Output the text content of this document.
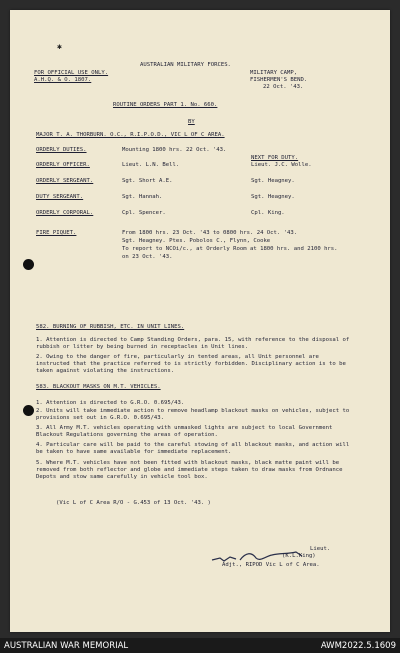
✱
AUSTRALIAN MILITARY FORCES.
FOR OFFICIAL USE ONLY.
A.H.Q. & O. 1807.
MILITARY CAMP,
FISHERMEN'S BEND.
22 Oct. '43.
ROUTINE ORDERS PART 1. No. 660.
BY
MAJOR T. A. THORBURN. O.C., R.I.P.O.D., VIC L OF C AREA.
ORDERLY DUTIES.	Mounting 1800 hrs. 22 Oct. '43.
NEXT FOR DUTY.
ORDERLY OFFICER.	Lieut. L.N. Bell.	Lieut. J.C. Wolle.
ORDERLY SERGEANT.	Sgt. Short A.E.	Sgt. Heagney.
DUTY SERGEANT.	Sgt. Hannah.	Sgt. Heagney.
ORDERLY CORPORAL.	Cpl. Spencer.	Cpl. King.
FIRE PIQUET.	From 1800 hrs. 23 Oct. '43 to 0800 hrs. 24 Oct. '43.
Sgt. Heagney. Ptes. Pobolos C., Flynn, Cooke
To report to NCOi/c., at Orderly Room at 1800 hrs. and 2100 hrs.
on 23 Oct. '43.
582. BURNING OF RUBBISH, ETC. IN UNIT LINES.
1. Attention is directed to Camp Standing Orders, para. 15, with reference to the disposal of rubbish or litter by being burned in receptacles in Unit lines.
2. Owing to the danger of fire, particularly in tented areas, all Unit personnel are instructed that the practice referred to is strictly forbidden. Disciplinary action is to be taken against violating the instructions.
583. BLACKOUT MASKS ON M.T. VEHICLES.
1. Attention is directed to G.R.O. 0.695/43.
2. Units will take immediate action to remove headlamp blackout masks on vehicles, subject to provisions set out in G.R.O. 0.695/43.
3. All Army M.T. vehicles operating with unmasked lights are subject to local Government Blackout Regulations governing the areas of operation.
4. Particular care will be paid to the careful stowing of all blackout masks, and action will be taken to have same available for immediate replacement.
5. Where M.T. vehicles have not been fitted with blackout masks, black matte paint will be removed from both reflector and globe and immediate steps taken to draw masks from Ordnance Depots and stow same carefully in vehicle tool box.
(Vic L of C Area R/O - G.453 of 13 Oct. '43. )
Lieut.
(K.L.King)
Adjt., RIPOD Vic L of C Area.
AUSTRALIAN WAR MEMORIAL	AWM2022.5.1609
